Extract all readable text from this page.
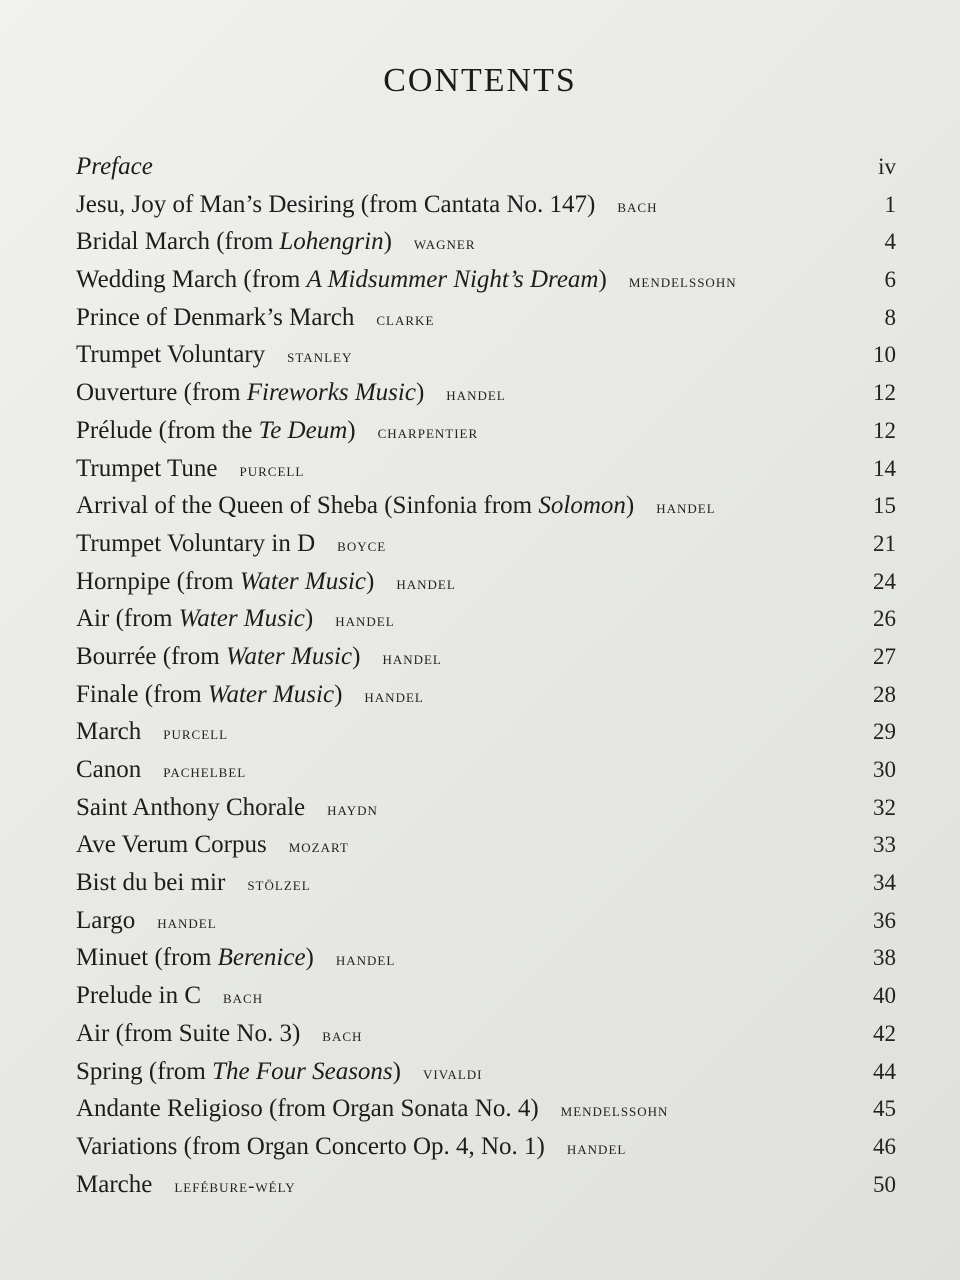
CONTENTS
Preface	iv
Jesu, Joy of Man’s Desiring (from Cantata No. 147) bach	1
Bridal March (from Lohengrin) wagner	4
Wedding March (from A Midsummer Night’s Dream) mendelssohn	6
Prince of Denmark’s March clarke	8
Trumpet Voluntary stanley	10
Ouverture (from Fireworks Music) handel	12
Prélude (from the Te Deum) charpentier	12
Trumpet Tune purcell	14
Arrival of the Queen of Sheba (Sinfonia from Solomon) handel	15
Trumpet Voluntary in D boyce	21
Hornpipe (from Water Music) handel	24
Air (from Water Music) handel	26
Bourrée (from Water Music) handel	27
Finale (from Water Music) handel	28
March purcell	29
Canon pachelbel	30
Saint Anthony Chorale haydn	32
Ave Verum Corpus mozart	33
Bist du bei mir stölzel	34
Largo handel	36
Minuet (from Berenice) handel	38
Prelude in C bach	40
Air (from Suite No. 3) bach	42
Spring (from The Four Seasons) vivaldi	44
Andante Religioso (from Organ Sonata No. 4) mendelssohn	45
Variations (from Organ Concerto Op. 4, No. 1) handel	46
Marche lefébure-wély	50
